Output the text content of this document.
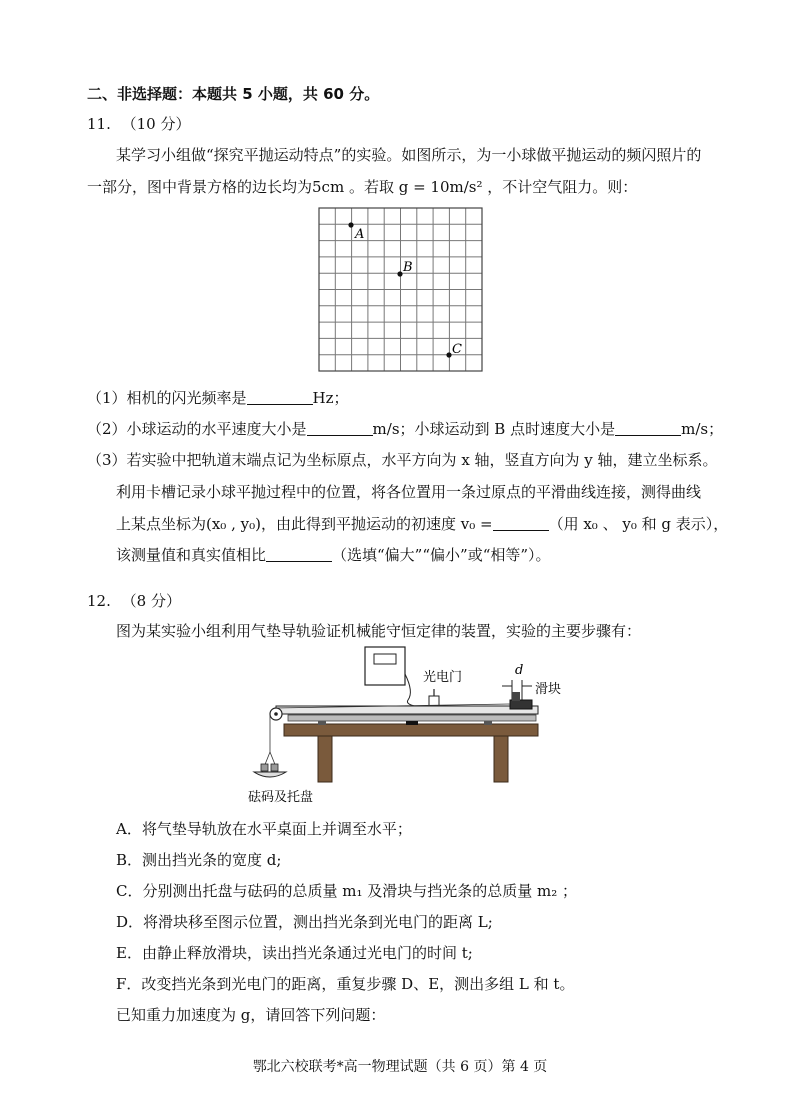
二、非选择题：本题共 5 小题，共 60 分。
11. （10 分）
某学习小组做“探究平抛运动特点”的实验。如图所示，为一小球做平抛运动的频闪照片的
一部分，图中背景方格的边长均为5cm 。若取 g = 10m/s² ，不计空气阻力。则：
A
B
C
（1）相机的闪光频率是	Hz；
（2）小球运动的水平速度大小是	m/s；小球运动到 B 点时速度大小是	m/s；
（3）若实验中把轨道末端点记为坐标原点，水平方向为 x 轴，竖直方向为 y 轴，建立坐标系。
利用卡槽记录小球平抛过程中的位置，将各位置用一条过原点的平滑曲线连接，测得曲线
上某点坐标为(x₀ , y₀)，由此得到平抛运动的初速度 v₀ =	（用 x₀ 、 y₀ 和 g 表示），
该测量值和真实值相比	（选填“偏大”“偏小”或“相等”）。
12. （8 分）
图为某实验小组利用气垫导轨验证机械能守恒定律的装置，实验的主要步骤有：
光电门	d
滑块
砝码及托盘
A．将气垫导轨放在水平桌面上并调至水平；
B．测出挡光条的宽度 d;
C．分别测出托盘与砝码的总质量 m₁ 及滑块与挡光条的总质量 m₂ ；
D．将滑块移至图示位置，测出挡光条到光电门的距离 L;
E．由静止释放滑块，读出挡光条通过光电门的时间 t;
F．改变挡光条到光电门的距离，重复步骤 D、E，测出多组 L 和 t。
已知重力加速度为 g，请回答下列问题：
鄂北六校联考*高一物理试题（共 6 页）第 4 页
